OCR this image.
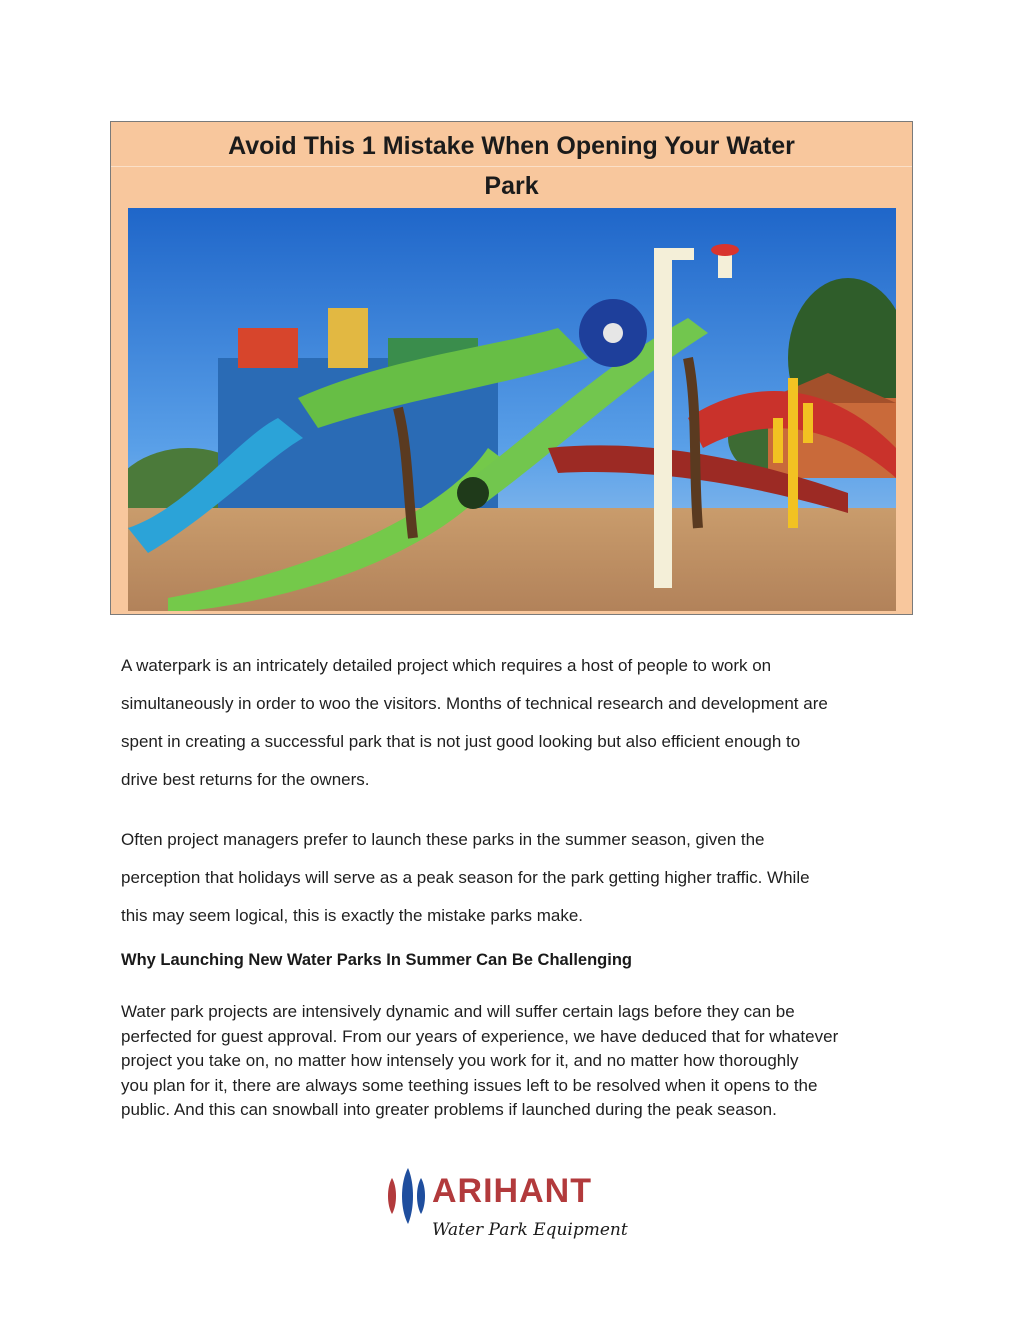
Avoid This 1 Mistake When Opening Your Water
Park
A waterpark is an intricately detailed project which requires a host of people to work on
simultaneously in order to woo the visitors. Months of technical research and development are
spent in creating a successful park that is not just good looking but also efficient enough to
drive best returns for the owners.
Often project managers prefer to launch these parks in the summer season, given the
perception that holidays will serve as a peak season for the park getting higher traffic. While
this may seem logical, this is exactly the mistake parks make.
Why Launching New Water Parks In Summer Can Be Challenging
Water park projects are intensively dynamic and will suffer certain lags before they can be
perfected for guest approval. From our years of experience, we have deduced that for whatever
project you take on, no matter how intensely you work for it, and no matter how thoroughly
you plan for it, there are always some teething issues left to be resolved when it opens to the
public. And this can snowball into greater problems if launched during the peak season.
ARIHANT
Water Park Equipment
